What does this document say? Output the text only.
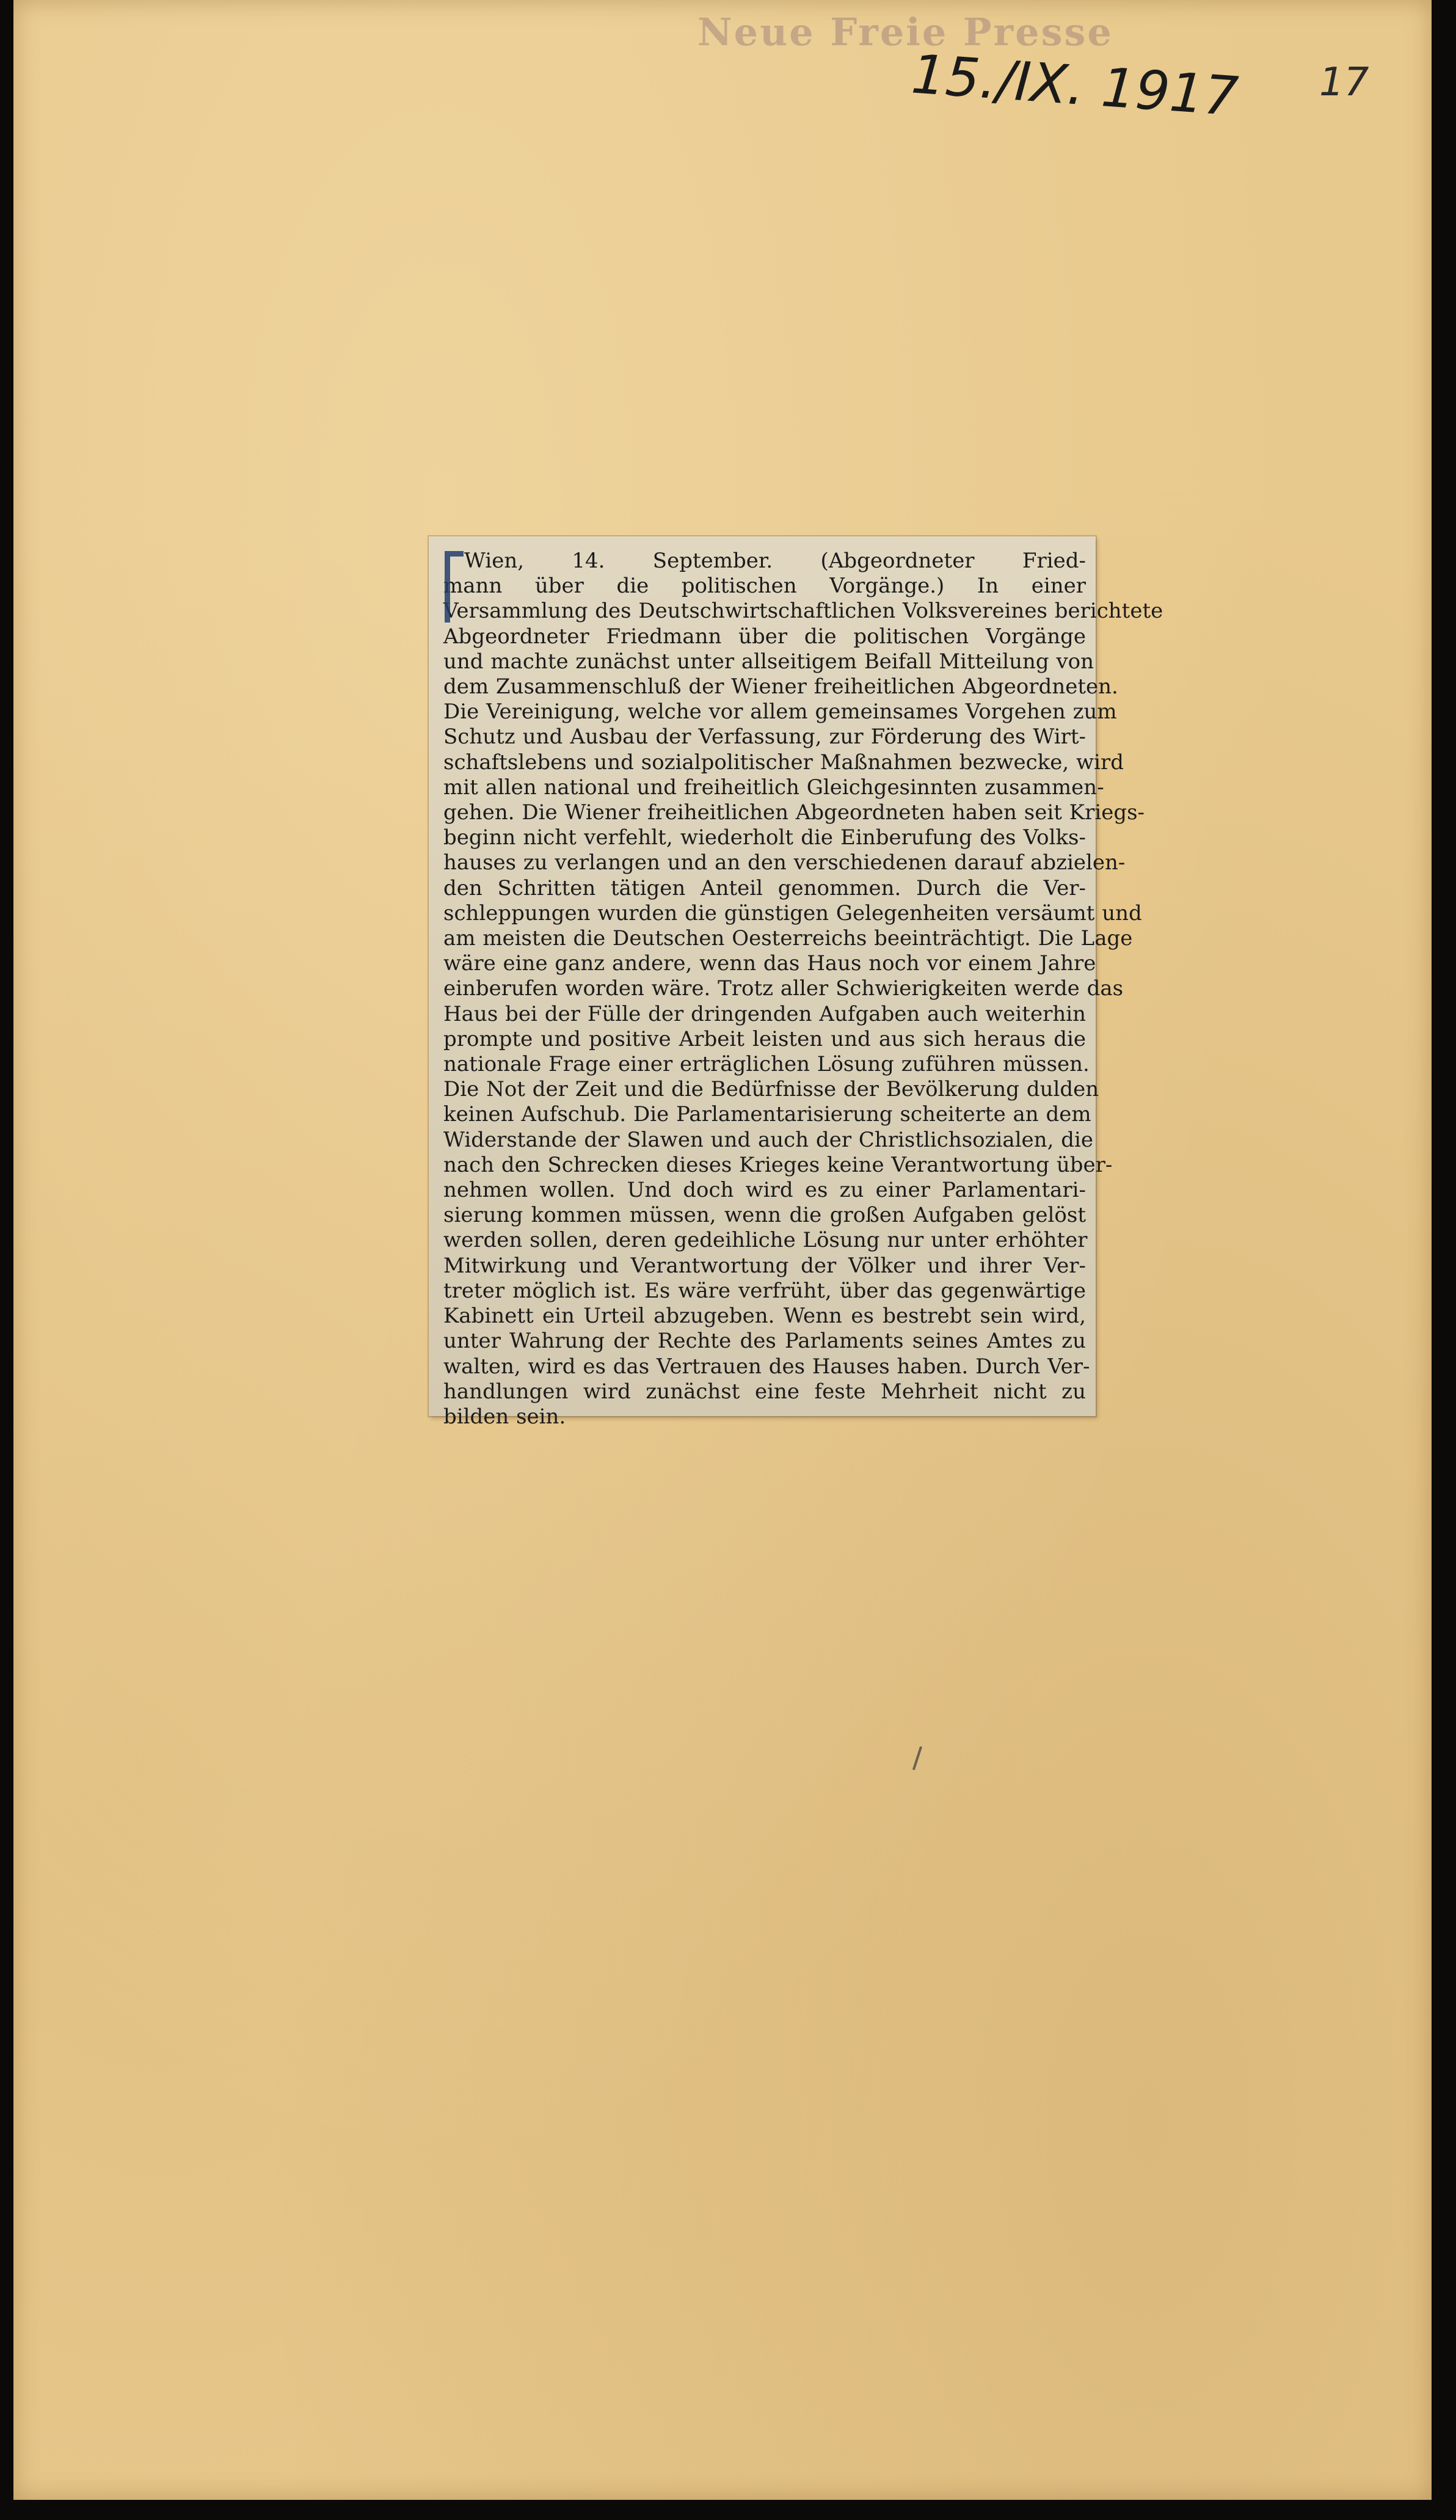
Neue Freie Presse
15./IX. 1917 17
Wien, 14. September. (Abgeordneter Fried-
mann über die politischen Vorgänge.) In einer
Versammlung des Deutschwirtschaftlichen Volksvereines berichtete
Abgeordneter Friedmann über die politischen Vorgänge
und machte zunächst unter allseitigem Beifall Mitteilung von
dem Zusammenschluß der Wiener freiheitlichen Abgeordneten.
Die Vereinigung, welche vor allem gemeinsames Vorgehen zum
Schutz und Ausbau der Verfassung, zur Förderung des Wirt-
schaftslebens und sozialpolitischer Maßnahmen bezwecke, wird
mit allen national und freiheitlich Gleichgesinnten zusammen-
gehen. Die Wiener freiheitlichen Abgeordneten haben seit Kriegs-
beginn nicht verfehlt, wiederholt die Einberufung des Volks-
hauses zu verlangen und an den verschiedenen darauf abzielen-
den Schritten tätigen Anteil genommen. Durch die Ver-
schleppungen wurden die günstigen Gelegenheiten versäumt und
am meisten die Deutschen Oesterreichs beeinträchtigt. Die Lage
wäre eine ganz andere, wenn das Haus noch vor einem Jahre
einberufen worden wäre. Trotz aller Schwierigkeiten werde das
Haus bei der Fülle der dringenden Aufgaben auch weiterhin
prompte und positive Arbeit leisten und aus sich heraus die
nationale Frage einer erträglichen Lösung zuführen müssen.
Die Not der Zeit und die Bedürfnisse der Bevölkerung dulden
keinen Aufschub. Die Parlamentarisierung scheiterte an dem
Widerstande der Slawen und auch der Christlichsozialen, die
nach den Schrecken dieses Krieges keine Verantwortung über-
nehmen wollen. Und doch wird es zu einer Parlamentari-
sierung kommen müssen, wenn die großen Aufgaben gelöst
werden sollen, deren gedeihliche Lösung nur unter erhöhter
Mitwirkung und Verantwortung der Völker und ihrer Ver-
treter möglich ist. Es wäre verfrüht, über das gegenwärtige
Kabinett ein Urteil abzugeben. Wenn es bestrebt sein wird,
unter Wahrung der Rechte des Parlaments seines Amtes zu
walten, wird es das Vertrauen des Hauses haben. Durch Ver-
handlungen wird zunächst eine feste Mehrheit nicht zu
bilden sein.
